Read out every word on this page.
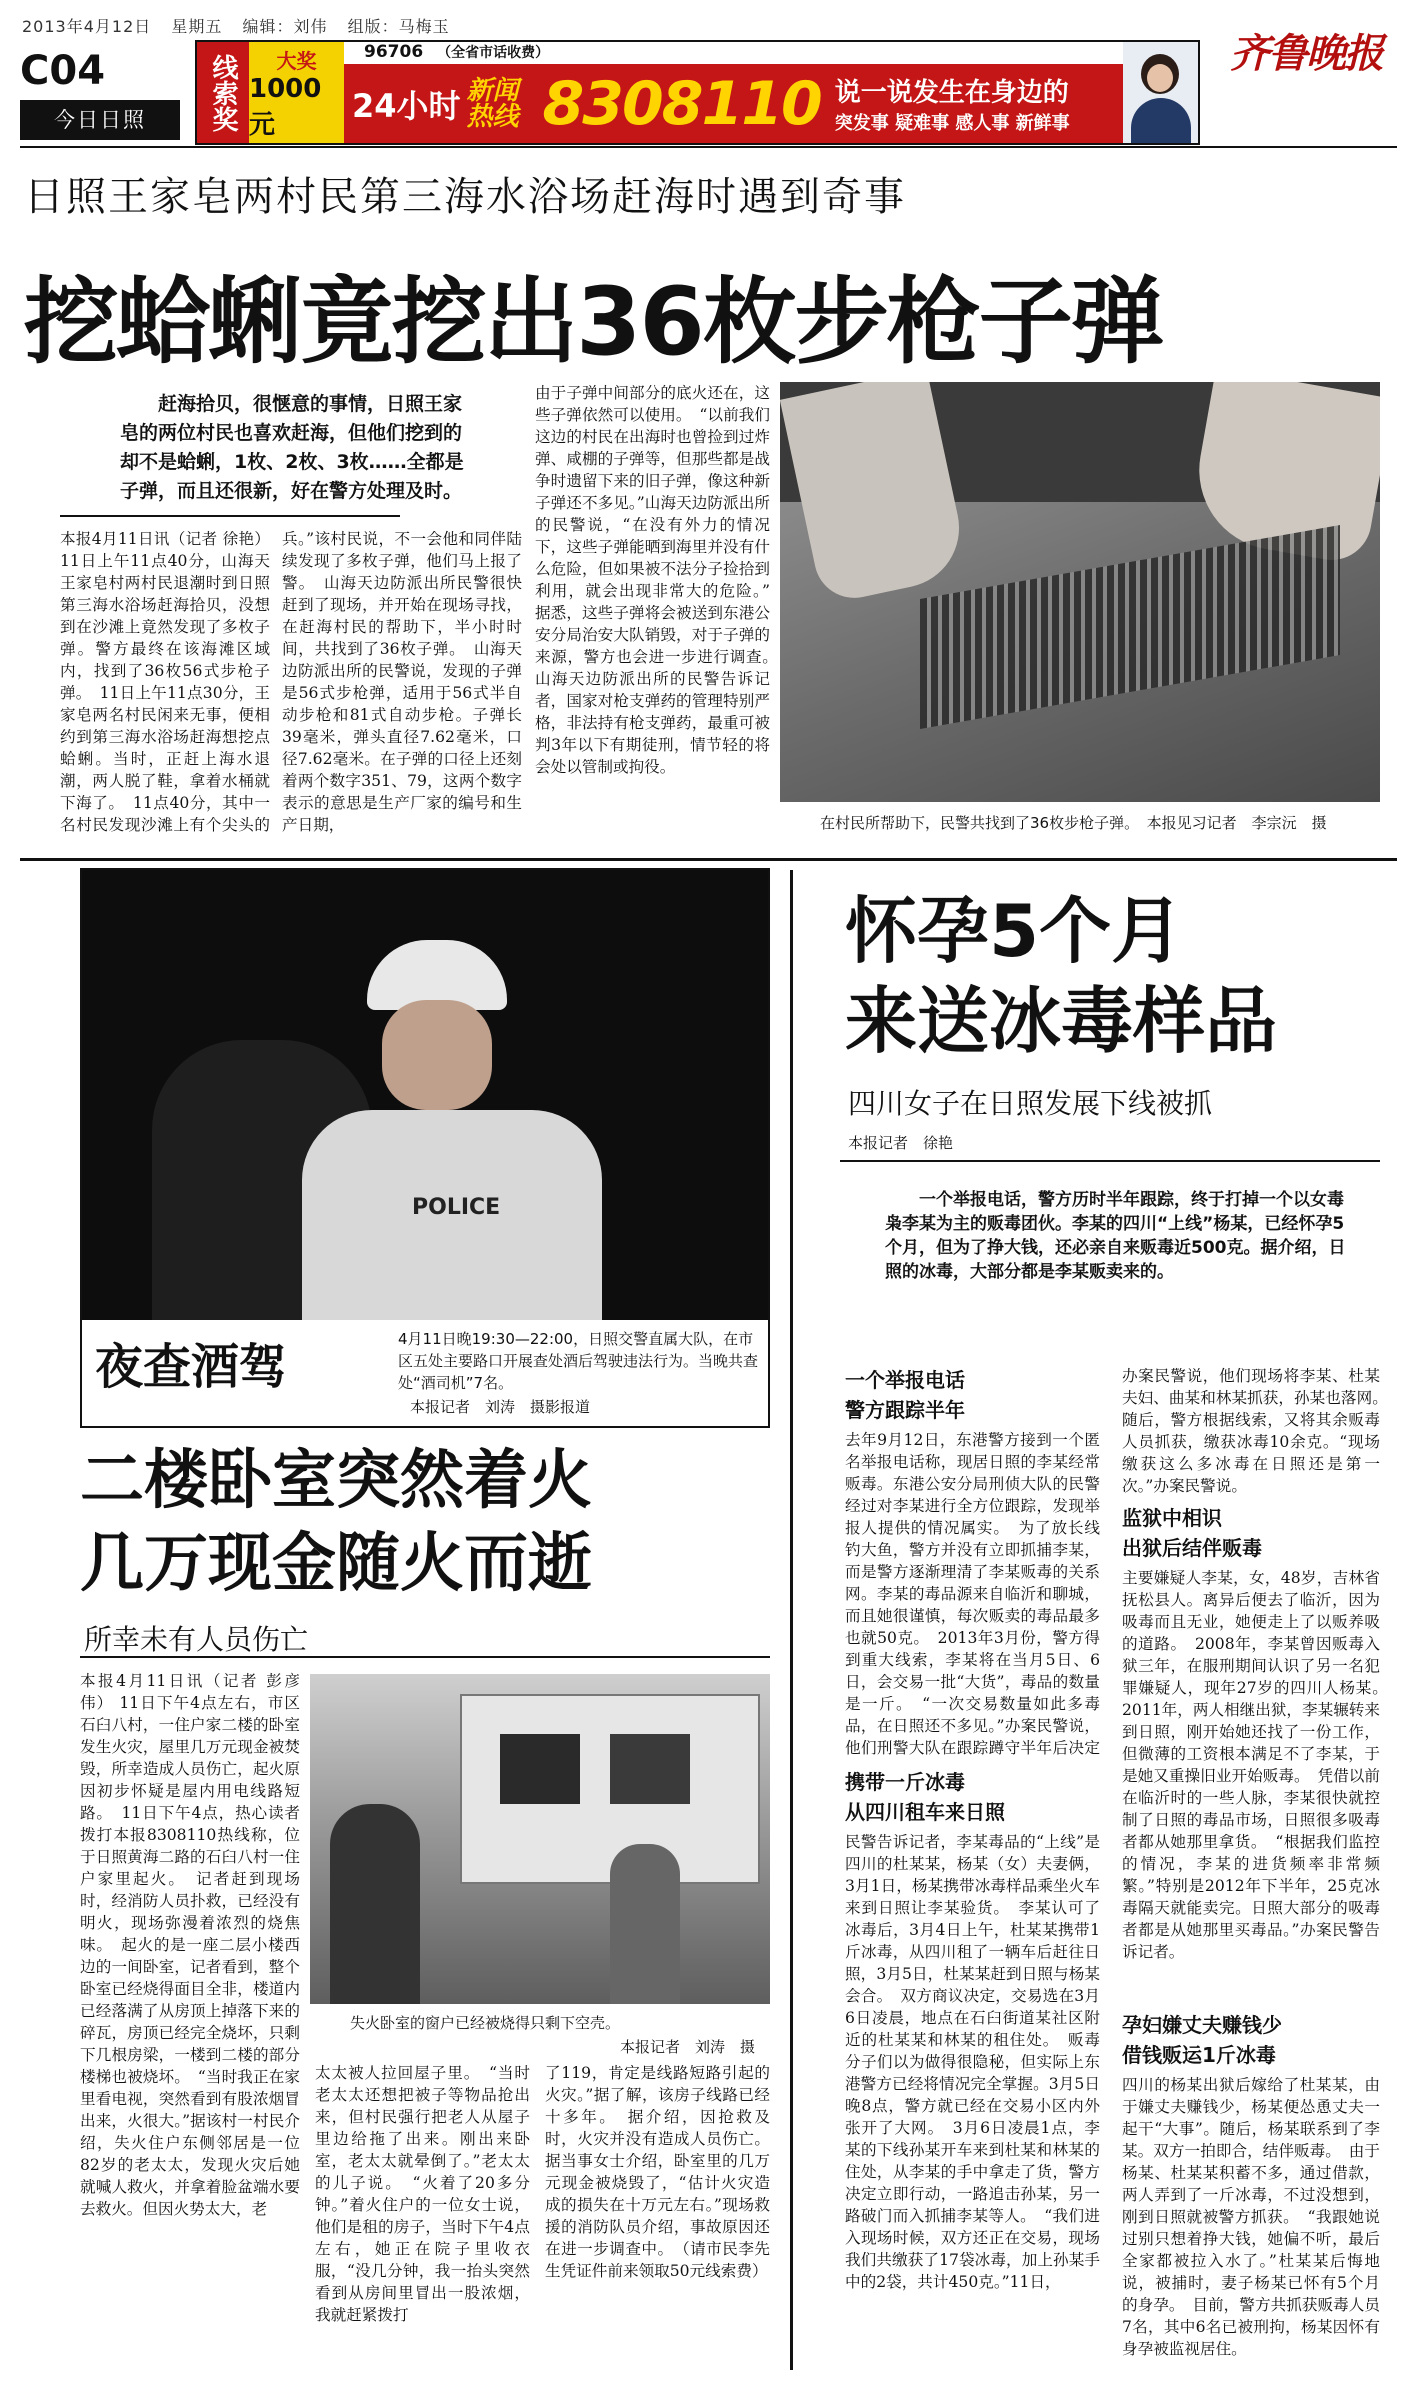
2013年4月12日 星期五 编辑：刘伟 组版：马梅玉
齐鲁晚报
C04
今日日照	线索奖	大奖
1000元
96706 （全省市话收费）
24小时 新闻热线 8308110 说一说发生在身边的
突发事 疑难事 感人事 新鲜事
日照王家皂两村民第三海水浴场赶海时遇到奇事
挖蛤蜊竟挖出36枚步枪子弹
赶海拾贝，很惬意的事情，日照王家皂的两位村民也喜欢赶海，但他们挖到的却不是蛤蜊，1枚、2枚、3枚……全都是子弹，而且还很新，好在警方处理及时。
本报4月11日讯（记者 徐艳） 11日上午11点40分，山海天王家皂村两村民退潮时到日照第三海水浴场赶海拾贝，没想到在沙滩上竟然发现了多枚子弹。警方最终在该海滩区域内，找到了36枚56式步枪子弹。　11日上午11点30分，王家皂两名村民闲来无事，便相约到第三海水浴场赶海想挖点蛤蜊。当时，正赶上海水退潮，两人脱了鞋，拿着水桶就下海了。　11点40分，其中一名村民发现沙滩上有个尖头的
兵。”该村民说，不一会他和同伴陆续发现了多枚子弹，他们马上报了警。　山海天边防派出所民警很快赶到了现场，并开始在现场寻找，在赶海村民的帮助下，半小时时间，共找到了36枚子弹。　山海天边防派出所的民警说，发现的子弹是56式步枪弹，适用于56式半自动步枪和81式自动步枪。子弹长39毫米，弹头直径7.62毫米，口径7.62毫米。在子弹的口径上还刻着两个数字351、79，这两个数字表示的意思是生产厂家的编号和生产日期，
由于子弹中间部分的底火还在，这些子弹依然可以使用。　“以前我们这边的村民在出海时也曾捡到过炸弹、咸棚的子弹等，但那些都是战争时遗留下来的旧子弹，像这种新子弹还不多见。”山海天边防派出所的民警说，“在没有外力的情况下，这些子弹能晒到海里并没有什么危险，但如果被不法分子捡拾到利用，就会出现非常大的危险。”　据悉，这些子弹将会被送到东港公安分局治安大队销毁，对于子弹的来源，警方也会进一步进行调查。　山海天边防派出所的民警告诉记者，国家对枪支弹药的管理特别严格，非法持有枪支弹药，最重可被判3年以下有期徒刑，情节轻的将会处以管制或拘役。
在村民所帮助下，民警共找到了36枚步枪子弹。　本报见习记者　李宗沅　摄
POLICE
夜查酒驾	4月11日晚19:30—22:00，日照交警直属大队，在市区五处主要路口开展查处酒后驾驶违法行为。当晚共查处“酒司机”7名。
本报记者　刘涛　摄影报道
二楼卧室突然着火
几万现金随火而逝
所幸未有人员伤亡
本报4月11日讯（记者 彭彦伟） 11日下午4点左右，市区石臼八村，一住户家二楼的卧室发生火灾，屋里几万元现金被焚毁，所幸造成人员伤亡，起火原因初步怀疑是屋内用电线路短路。　11日下午4点，热心读者拨打本报8308110热线称，位于日照黄海二路的石臼八村一住户家里起火。　记者赶到现场时，经消防人员扑救，已经没有明火，现场弥漫着浓烈的烧焦味。　起火的是一座二层小楼西边的一间卧室，记者看到，整个卧室已经烧得面目全非，楼道内已经落满了从房顶上掉落下来的碎瓦，房顶已经完全烧坏，只剩下几根房梁，一楼到二楼的部分楼梯也被烧坏。　“当时我正在家里看电视，突然看到有股浓烟冒出来，火很大。”据该村一村民介绍，失火住户东侧邻居是一位82岁的老太太，发现火灾后她就喊人救火，并拿着脸盆端水要去救火。但因火势太大，老
失火卧室的窗户已经被烧得只剩下空壳。
本报记者　刘涛　摄
太太被人拉回屋子里。　“当时老太太还想把被子等物品抢出来，但村民强行把老人从屋子里边给拖了出来。刚出来卧室，老太太就晕倒了。”老太太的儿子说。　“火着了20多分钟。”着火住户的一位女士说，他们是租的房子，当时下午4点左右，她正在院子里收衣服，“没几分钟，我一抬头突然看到从房间里冒出一股浓烟，我就赶紧拨打
了119，肯定是线路短路引起的火灾。”据了解，该房子线路已经十多年。　据介绍，因抢救及时，火灾并没有造成人员伤亡。据当事女士介绍，卧室里的几万元现金被烧毁了，“估计火灾造成的损失在十万元左右。”现场救援的消防队员介绍，事故原因还在进一步调查中。　（请市民李先生凭证件前来领取50元线索费）
怀孕5个月
来送冰毒样品
四川女子在日照发展下线被抓
本报记者　徐艳
一个举报电话，警方历时半年跟踪，终于打掉一个以女毒枭李某为主的贩毒团伙。李某的四川“上线”杨某，已经怀孕5个月，但为了挣大钱，还必亲自来贩毒近500克。据介绍，日照的冰毒，大部分都是李某贩卖来的。
一个举报电话
警方跟踪半年
去年9月12日，东港警方接到一个匿名举报电话称，现居日照的李某经常贩毒。东港公安分局刑侦大队的民警经过对李某进行全方位跟踪，发现举报人提供的情况属实。　为了放长线钓大鱼，警方并没有立即抓捕李某，而是警方逐渐理清了李某贩毒的关系网。李某的毒品源来自临沂和聊城，而且她很谨慎，每次贩卖的毒品最多也就50克。　2013年3月份，警方得到重大线索，李某将在当月5日、6日，会交易一批“大货”，毒品的数量是一斤。　“一次交易数量如此多毒品，在日照还不多见。”办案民警说，他们刑警大队在跟踪蹲守半年后决定
携带一斤冰毒
从四川租车来日照
民警告诉记者，李某毒品的“上线”是四川的杜某某，杨某（女）夫妻俩，3月1日，杨某携带冰毒样品乘坐火车来到日照让李某验货。　李某认可了冰毒后，3月4日上午，杜某某携带1斤冰毒，从四川租了一辆车后赶往日照，3月5日，杜某某赶到日照与杨某会合。　双方商议决定，交易选在3月6日凌晨，地点在石臼街道某社区附近的杜某某和林某的租住处。　贩毒分子们以为做得很隐秘，但实际上东港警方已经将情况完全掌握。3月5日晚8点，警方就已经在交易小区内外张开了大网。　3月6日凌晨1点，李某的下线孙某开车来到杜某和林某的住处，从李某的手中拿走了货，警方决定立即行动，一路追击孙某，另一路破门而入抓捕李某等人。　“我们进入现场时候，双方还正在交易，现场我们共缴获了17袋冰毒，加上孙某手中的2袋，共计450克。”11日，
办案民警说，他们现场将李某、杜某夫妇、曲某和林某抓获，孙某也落网。　随后，警方根据线索，又将其余贩毒人员抓获，缴获冰毒10余克。“现场缴获这么多冰毒在日照还是第一次。”办案民警说。
监狱中相识
出狱后结伴贩毒
主要嫌疑人李某，女，48岁，吉林省抚松县人。离异后便去了临沂，因为吸毒而且无业，她便走上了以贩养吸的道路。　2008年，李某曾因贩毒入狱三年，在服刑期间认识了另一名犯罪嫌疑人，现年27岁的四川人杨某。　2011年，两人相继出狱，李某辗转来到日照，刚开始她还找了一份工作，但微薄的工资根本满足不了李某，于是她又重操旧业开始贩毒。　凭借以前在临沂时的一些人脉，李某很快就控制了日照的毒品市场，日照很多吸毒者都从她那里拿货。　“根据我们监控的情况，李某的进货频率非常频繁。”特别是2012年下半年，25克冰毒隔天就能卖完。日照大部分的吸毒者都是从她那里买毒品。”办案民警告诉记者。
孕妇嫌丈夫赚钱少
借钱贩运1斤冰毒
四川的杨某出狱后嫁给了杜某某，由于嫌丈夫赚钱少，杨某便怂恿丈夫一起干“大事”。随后，杨某联系到了李某。双方一拍即合，结伴贩毒。　由于杨某、杜某某积蓄不多，通过借款，两人弄到了一斤冰毒，不过没想到，刚到日照就被警方抓获。　“我跟她说过别只想着挣大钱，她偏不听，最后全家都被拉入水了。”杜某某后悔地说，被捕时，妻子杨某已怀有5个月的身孕。　目前，警方共抓获贩毒人员7名，其中6名已被刑拘，杨某因怀有身孕被监视居住。
